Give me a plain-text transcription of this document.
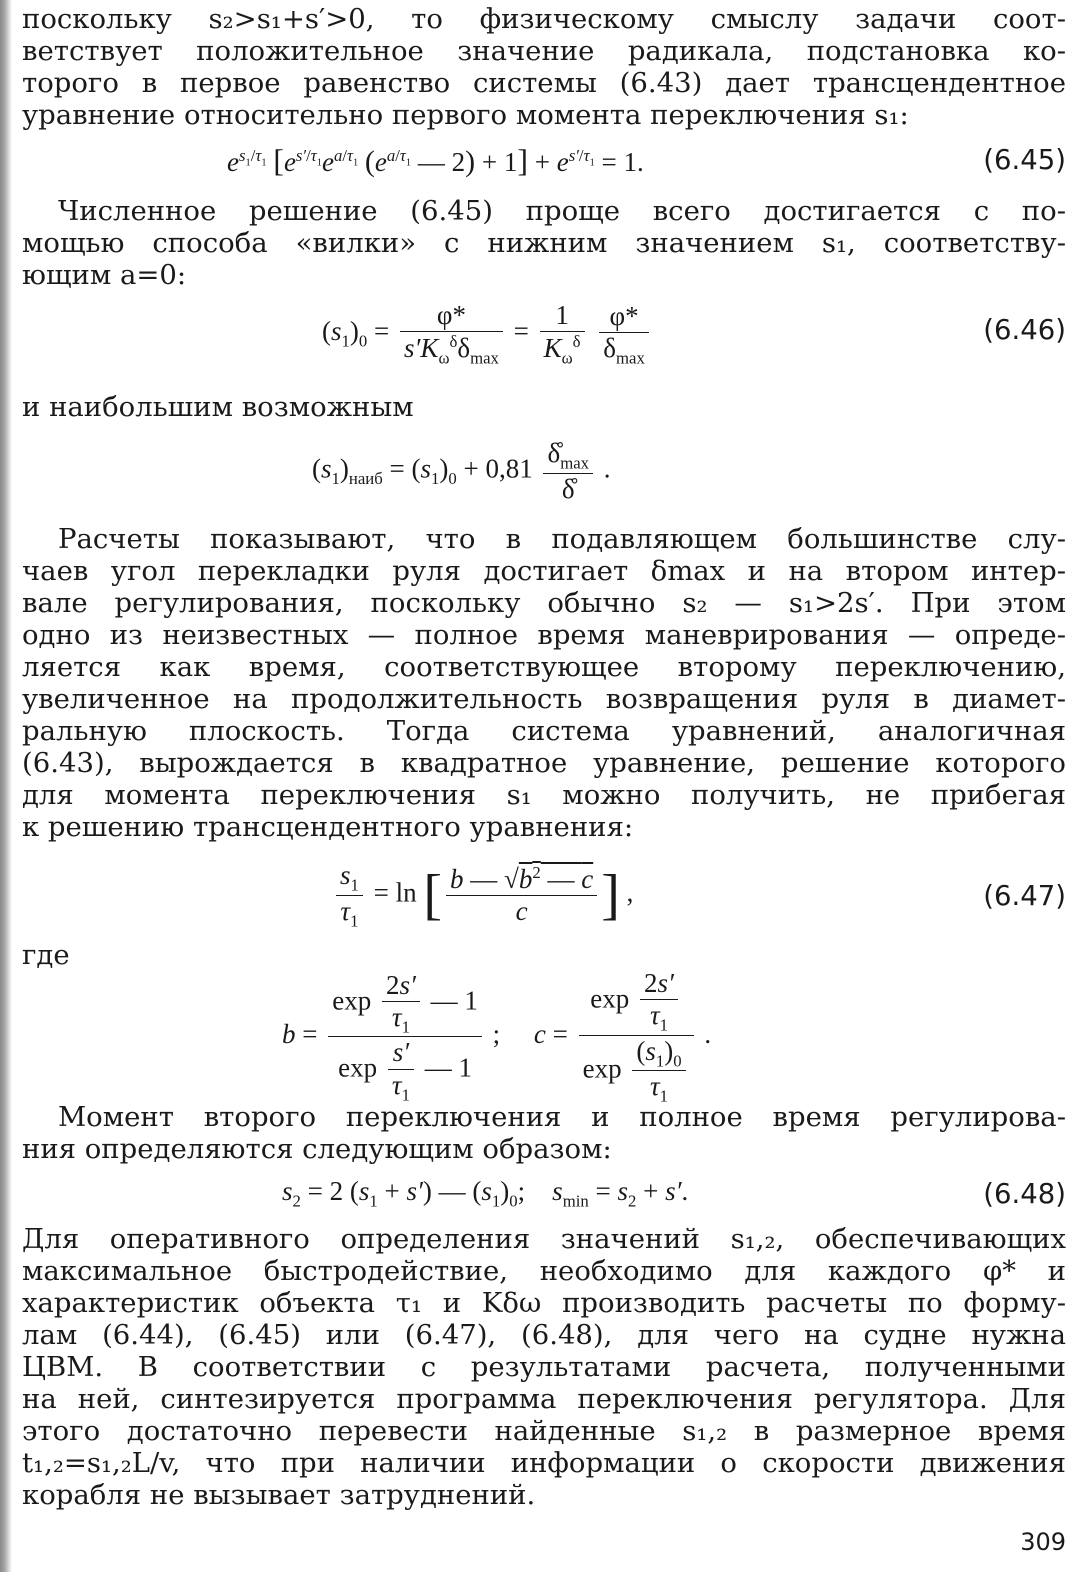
поскольку s₂>s₁+s′>0, то физическому смыслу задачи соот-
ветствует положительное значение радикала, подстановка ко-
торого в первое равенство системы (6.43) дает трансцендентное
уравнение относительно первого момента переключения s₁:
$e^{s_1/\tau_1}$ [$e^{s'/\tau_1}e^{a/\tau_1}$ ($e^{a/\tau_1}$ — $2) + 1] + e^{s'/\tau_1} = 1$.	(6.45)
Численное решение (6.45) проще всего достигается с по-
мощью способа «вилки» с нижним значением s₁, соответству-
ющим a=0:
$(s_1)_0 = \frac{\varphi*}{s'K_\omega^\delta\delta_{max}} = \frac{1}{K_\omega^\delta}$
$\frac{\varphi*}{\delta_{max}}$	(6.46)
и наибольшим возможным
$(s_1)_{наиб} = (s_1)_0 + 0,81 \frac{\deltå_{max}}{\deltå}$ .
Расчеты показывают, что в подавляющем большинстве слу-
чаев угол перекладки руля достигает δmax и на втором интер-
вале регулирования, поскольку обычно s₂ — s₁>2s′. При этом
одно из неизвестных — полное время маневрирования — опреде-
ляется как время, соответствующее второму переключению,
увеличенное на продолжительность возвращения руля в диамет-
ральную плоскость. Тогда система уравнений, аналогичная
(6.43), вырождается в квадратное уравнение, решение которого
для момента переключения s₁ можно получить, не прибегая
к решению трансцендентного уравнения:
$\frac{s_1}{\tau_1} = \ln$ [ $\frac{b — √b^2 — c}{c}$ ] ,	(6.47)
где
$b = \frac{\exp \frac{2s'}{\tau_1} — 1}{\exp \frac{s'}{\tau_1} — 1}$ ;     $c = \frac{\exp \frac{2s'}{\tau_1}}{\exp \frac{(s_1)_0}{\tau_1}}$ .
Момент второго переключения и полное время регулирова-
ния определяются следующим образом:
$s_2 = 2$ $(s_1 + s')$ — $(s_1)_0$;    $s_{min} = s_2 + s'$.	(6.48)
Для оперативного определения значений s₁,₂, обеспечивающих
максимальное быстродействие, необходимо для каждого φ* и
характеристик объекта τ₁ и Kδω производить расчеты по форму-
лам (6.44), (6.45) или (6.47), (6.48), для чего на судне нужна
ЦВМ. В соответствии с результатами расчета, полученными
на ней, синтезируется программа переключения регулятора. Для
этого достаточно перевести найденные s₁,₂ в размерное время
t₁,₂=s₁,₂L/v, что при наличии информации о скорости движения
корабля не вызывает затруднений.
309
